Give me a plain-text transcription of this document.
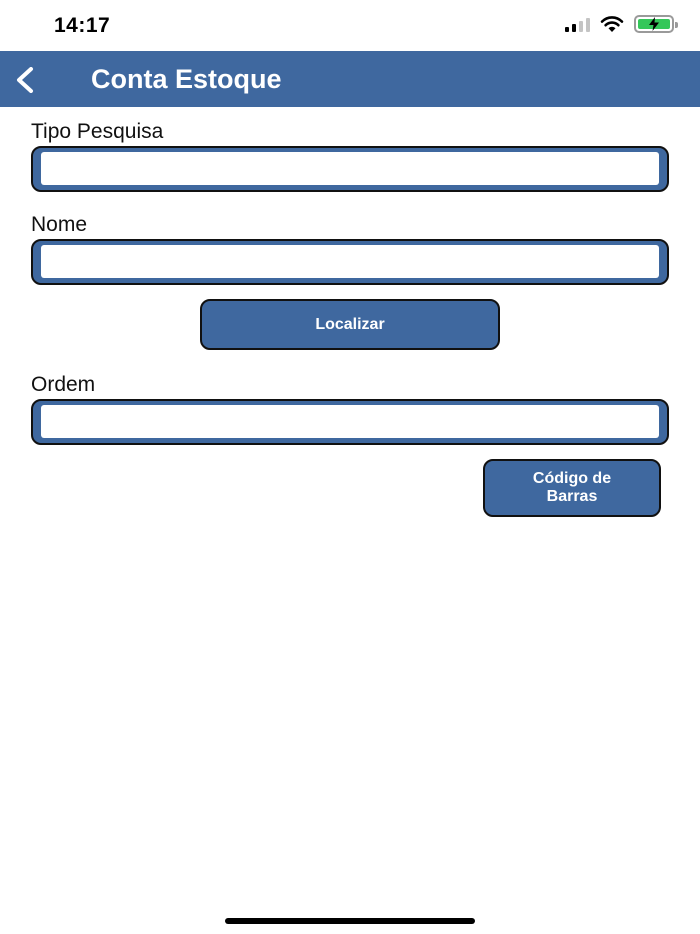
14:17
Conta Estoque
Tipo Pesquisa
Nome
Localizar
Ordem
Código de
Barras
